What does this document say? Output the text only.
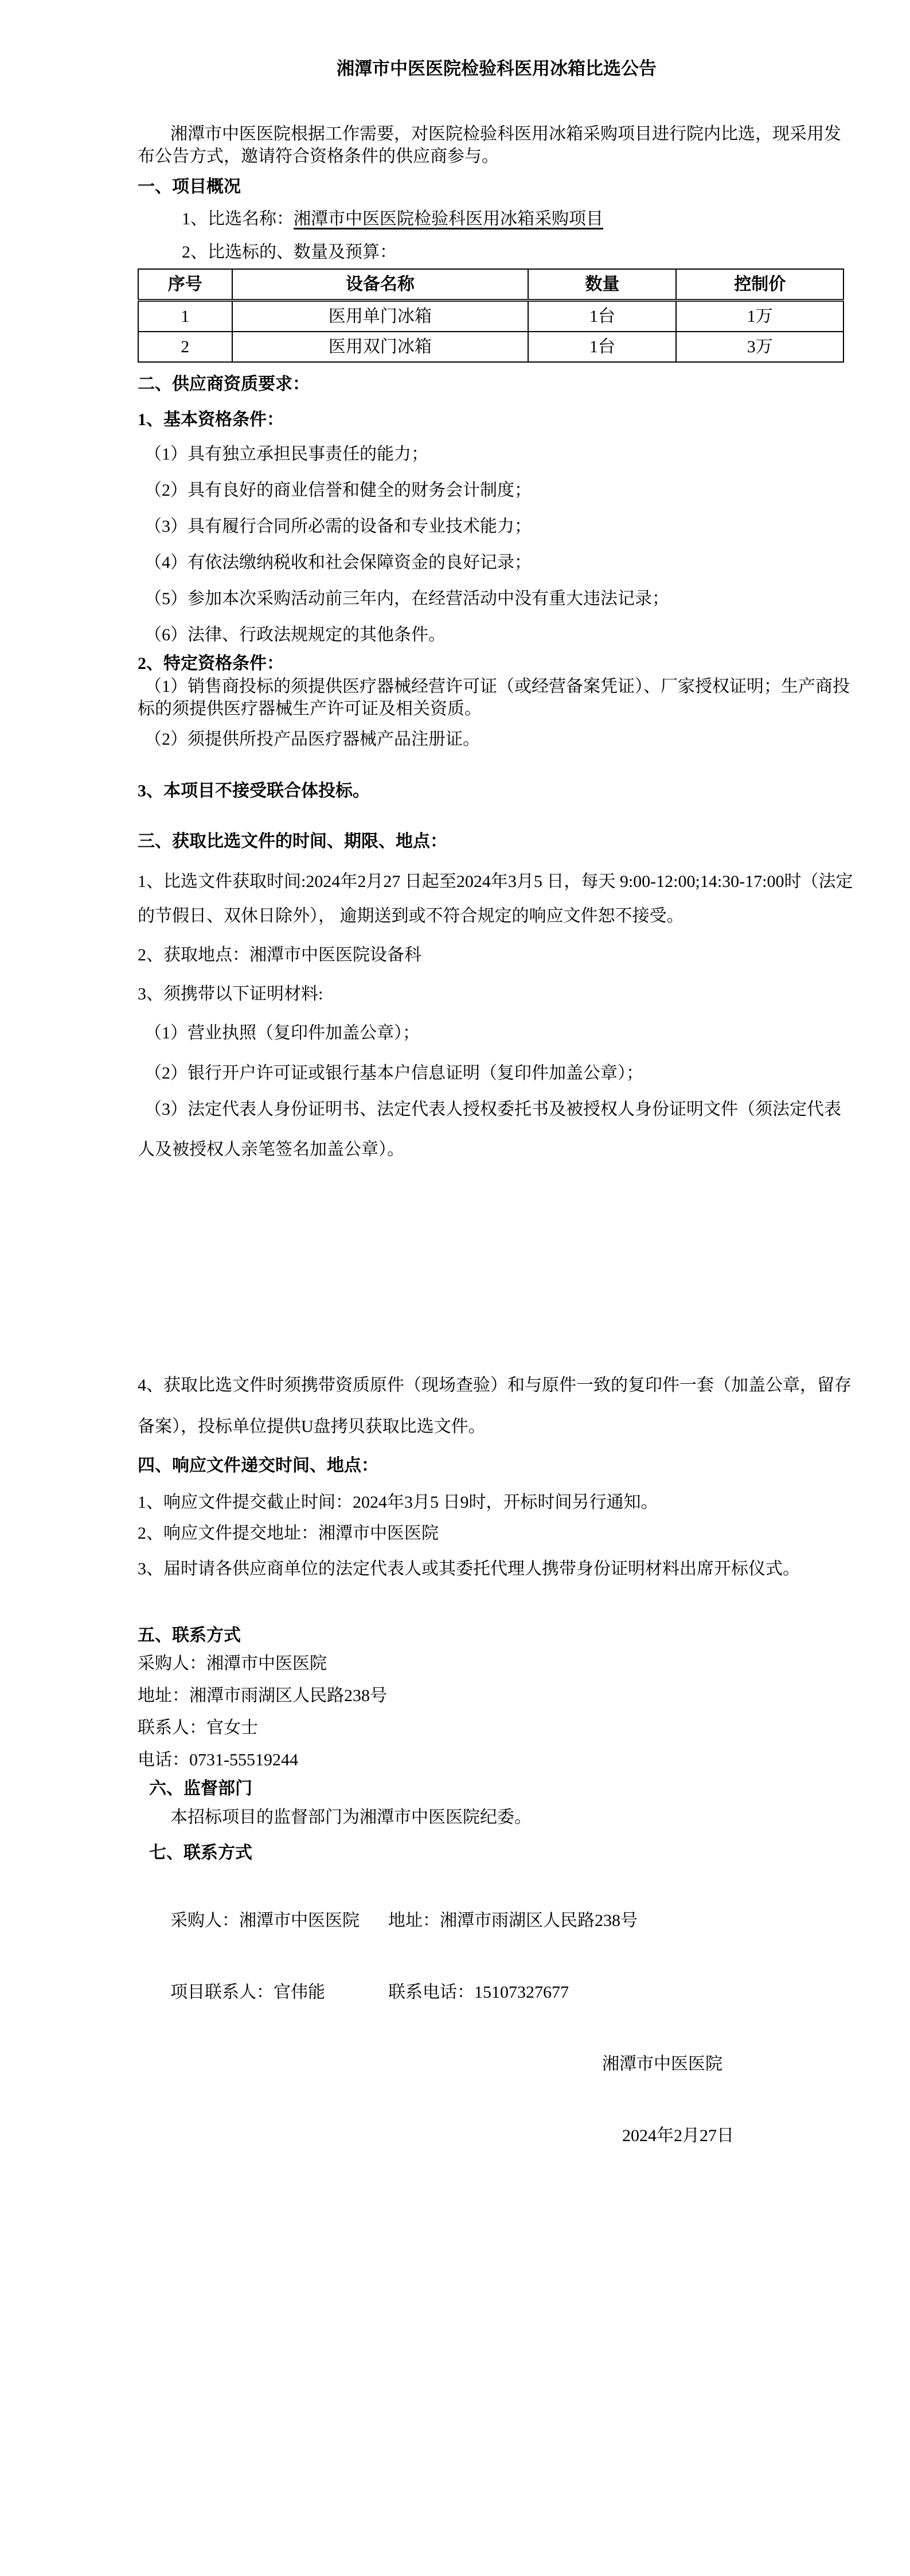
湘潭市中医医院检验科医用冰箱比选公告
湘潭市中医医院根据工作需要，对医院检验科医用冰箱采购项目进行院内比选，现采用发布公告方式，邀请符合资格条件的供应商参与。
一、项目概况
1、比选名称：湘潭市中医医院检验科医用冰箱采购项目
2、比选标的、数量及预算：
序号	设备名称	数量	控制价
1	医用单门冰箱	1台	1万
2	医用双门冰箱	1台	3万
二、供应商资质要求：
1、基本资格条件：
（1）具有独立承担民事责任的能力；
（2）具有良好的商业信誉和健全的财务会计制度；
（3）具有履行合同所必需的设备和专业技术能力；
（4）有依法缴纳税收和社会保障资金的良好记录；
（5）参加本次采购活动前三年内，在经营活动中没有重大违法记录；
（6）法律、行政法规规定的其他条件。
2、特定资格条件：
（1）销售商投标的须提供医疗器械经营许可证（或经营备案凭证）、厂家授权证明；生产商投标的须提供医疗器械生产许可证及相关资质。
（2）须提供所投产品医疗器械产品注册证。
3、本项目不接受联合体投标。
三、获取比选文件的时间、期限、地点：
1、比选文件获取时间:2024年2月27 日起至2024年3月5 日，每天 9:00-12:00;14:30-17:00时（法定的节假日、双休日除外）， 逾期送到或不符合规定的响应文件恕不接受。
2、获取地点：湘潭市中医医院设备科
3、须携带以下证明材料:
（1）营业执照（复印件加盖公章）；
（2）银行开户许可证或银行基本户信息证明（复印件加盖公章）；
（3）法定代表人身份证明书、法定代表人授权委托书及被授权人身份证明文件（须法定代表人及被授权人亲笔签名加盖公章）。
4、获取比选文件时须携带资质原件（现场查验）和与原件一致的复印件一套（加盖公章，留存备案），投标单位提供U盘拷贝获取比选文件。
四、响应文件递交时间、地点：
1、响应文件提交截止时间：2024年3月5 日9时，开标时间另行通知。
2、响应文件提交地址：湘潭市中医医院
3、届时请各供应商单位的法定代表人或其委托代理人携带身份证明材料出席开标仪式。
五、联系方式
采购人：湘潭市中医医院
地址：湘潭市雨湖区人民路238号
联系人：官女士
电话：0731-55519244
六、监督部门
本招标项目的监督部门为湘潭市中医医院纪委。
七、联系方式
采购人：湘潭市中医医院 地址：湘潭市雨湖区人民路238号
项目联系人：官伟能	联系电话：15107327677
湘潭市中医医院
2024年2月27日
